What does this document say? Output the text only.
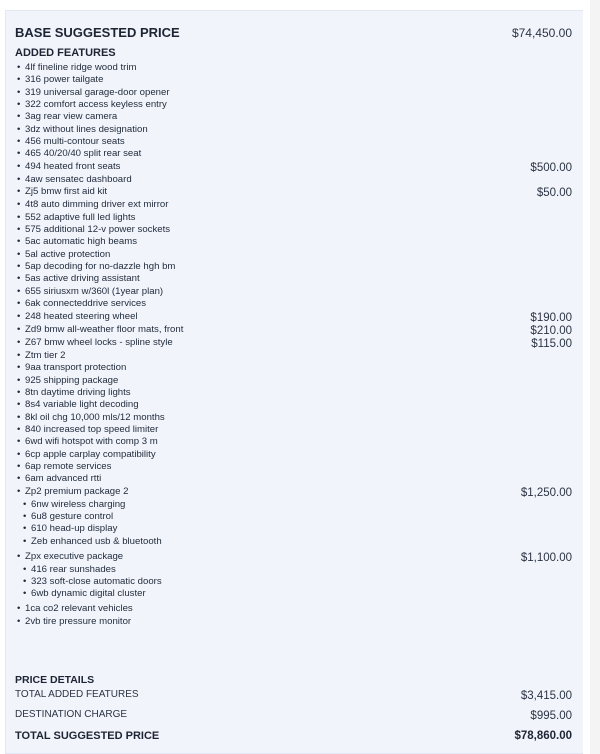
BASE SUGGESTED PRICE	$74,450.00
ADDED FEATURES
• 4lf fineline ridge wood trim
• 316 power tailgate
• 319 universal garage-door opener
• 322 comfort access keyless entry
• 3ag rear view camera
• 3dz without lines designation
• 456 multi-contour seats
• 465 40/20/40 split rear seat
• 494 heated front seats	$500.00
• 4aw sensatec dashboard
• Zj5 bmw first aid kit	$50.00
• 4t8 auto dimming driver ext mirror
• 552 adaptive full led lights
• 575 additional 12-v power sockets
• 5ac automatic high beams
• 5al active protection
• 5ap decoding for no-dazzle hgh bm
• 5as active driving assistant
• 655 siriusxm w/360l (1year plan)
• 6ak connecteddrive services
• 248 heated steering wheel	$190.00
• Zd9 bmw all-weather floor mats, front	$210.00
• Z67 bmw wheel locks - spline style	$115.00
• Ztm tier 2
• 9aa transport protection
• 925 shipping package
• 8tn daytime driving lights
• 8s4 variable light decoding
• 8kl oil chg 10,000 mls/12 months
• 840 increased top speed limiter
• 6wd wifi hotspot with comp 3 m
• 6cp apple carplay compatibility
• 6ap remote services
• 6am advanced rtti
• Zp2 premium package 2	$1,250.00
• 6nw wireless charging
• 6u8 gesture control
• 610 head-up display
• Zeb enhanced usb & bluetooth
• Zpx executive package	$1,100.00
• 416 rear sunshades
• 323 soft-close automatic doors
• 6wb dynamic digital cluster
• 1ca co2 relevant vehicles
• 2vb tire pressure monitor
PRICE DETAILS
TOTAL ADDED FEATURES	$3,415.00
DESTINATION CHARGE	$995.00
TOTAL SUGGESTED PRICE	$78,860.00
